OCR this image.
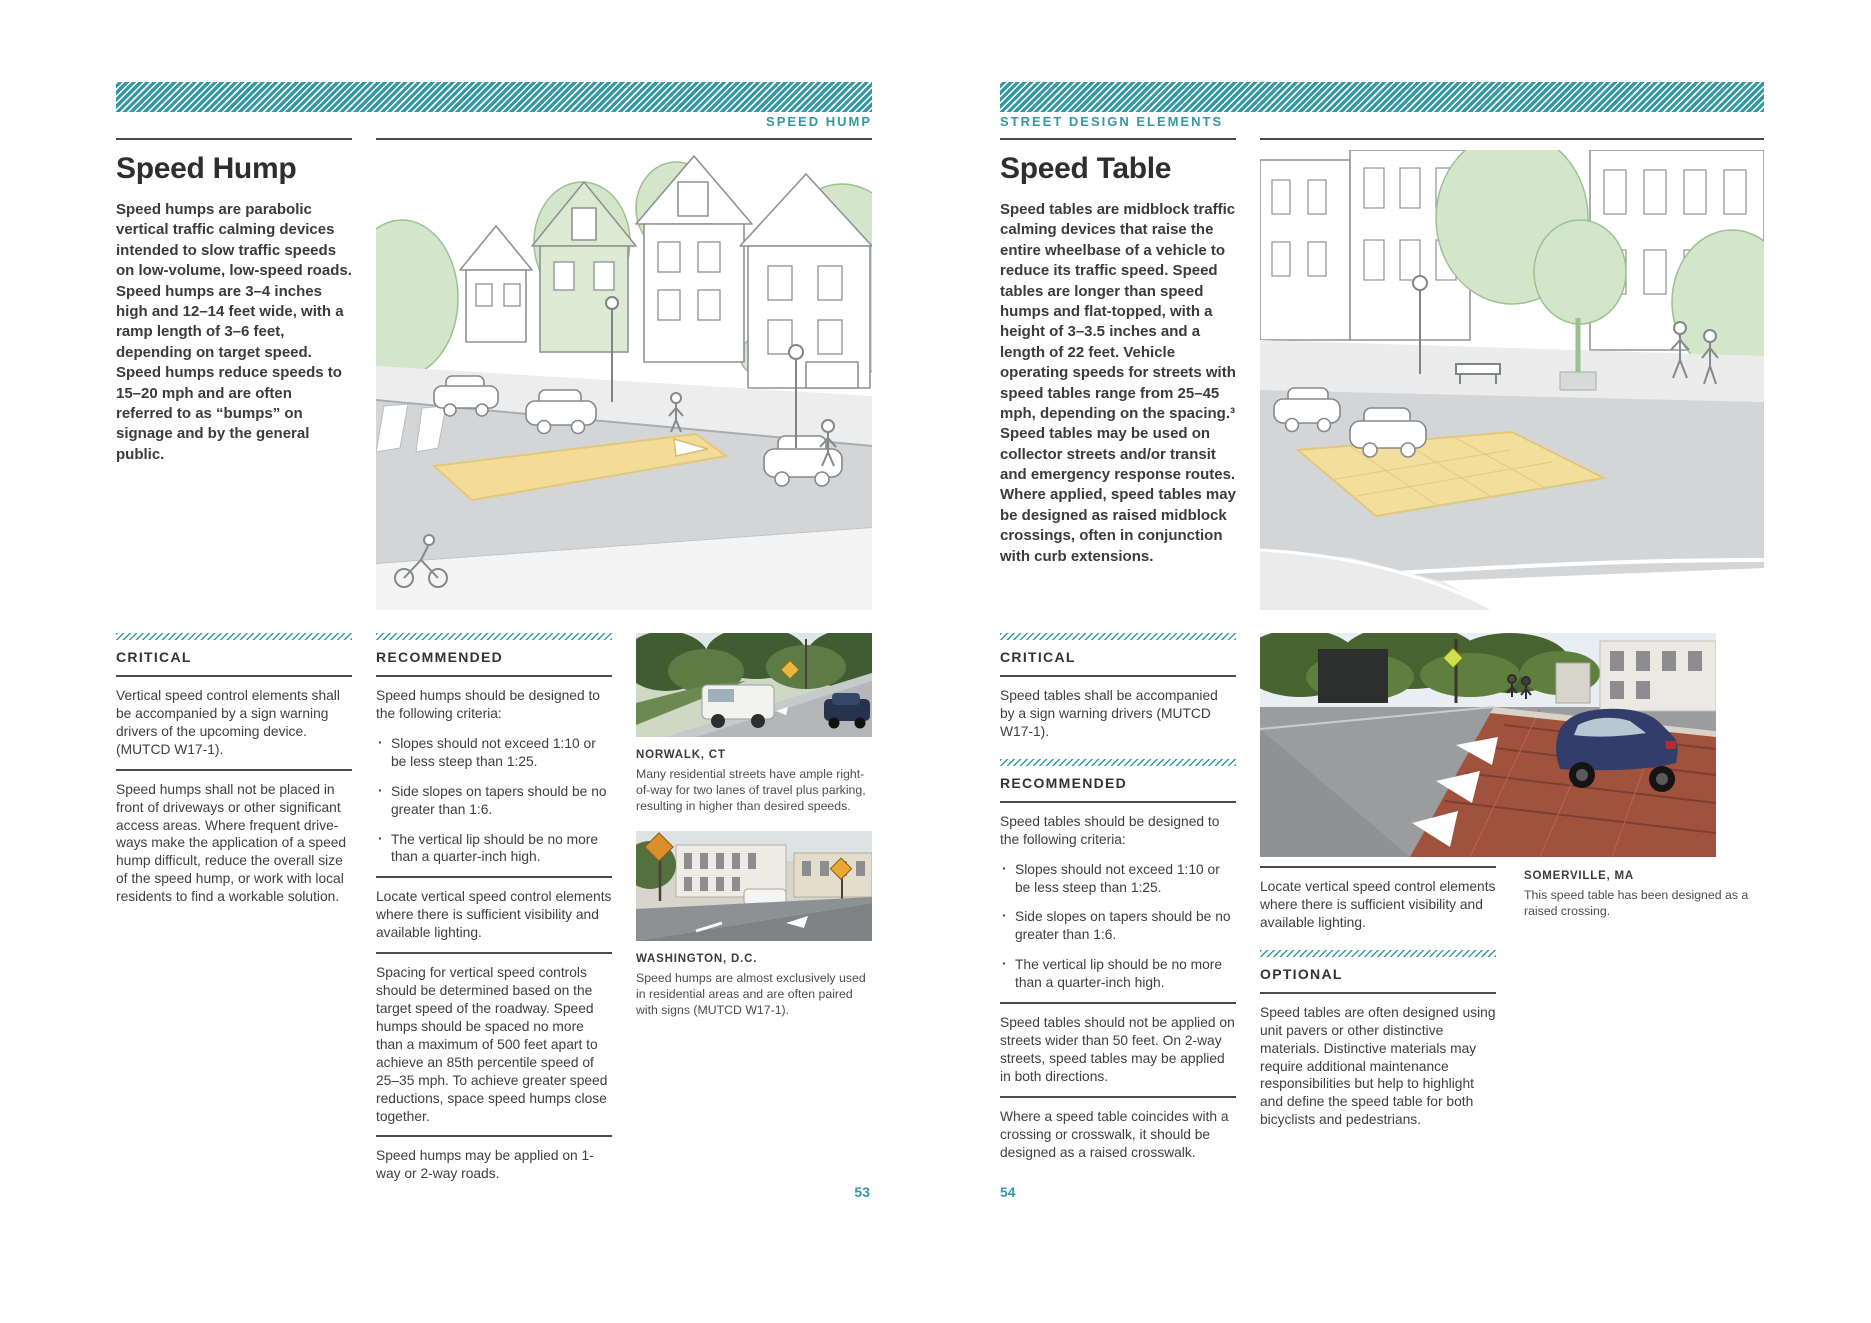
SPEED HUMP
Speed Hump

Speed humps are parabolic vertical traffic calming devices intended to slow traffic speeds on low-volume, low-speed roads. Speed humps are 3–4 inches high and 12–14 feet wide, with a ramp length of 3–6 feet, depending on target speed. Speed humps reduce speeds to 15–20 mph and are often referred to as “bumps” on signage and by the general public.

CRITICAL

Vertical speed control elements shall be accompanied by a sign warning drivers of the upcoming device. (MUTCD W17-1).

Speed humps shall not be placed in front of driveways or other significant access areas. Where frequent drive-ways make the application of a speed hump difficult, reduce the overall size of the speed hump, or work with local residents to find a workable solution.

RECOMMENDED

Speed humps should be designed to the following criteria:

· Slopes should not exceed 1:10 or be less steep than 1:25.

· Side slopes on tapers should be no greater than 1:6.

· The vertical lip should be no more than a quarter-inch high.

Locate vertical speed control elements where there is sufficient visibility and available lighting.

Spacing for vertical speed controls should be determined based on the target speed of the roadway. Speed humps should be spaced no more than a maximum of 500 feet apart to achieve an 85th percentile speed of 25–35 mph. To achieve greater speed reductions, space speed humps close together.

Speed humps may be applied on 1-way or 2-way roads.

NORWALK, CT
Many residential streets have ample right-of-way for two lanes of travel plus parking, resulting in higher than desired speeds.
WASHINGTON, D.C.
Speed humps are almost exclusively used in residential areas and are often paired with signs (MUTCD W17-1).
53
STREET DESIGN ELEMENTS
Speed Table

Speed tables are midblock traffic calming devices that raise the entire wheelbase of a vehicle to reduce its traffic speed. Speed tables are longer than speed humps and flat-topped, with a height of 3–3.5 inches and a length of 22 feet. Vehicle operating speeds for streets with speed tables range from 25–45 mph, depending on the spacing.³ Speed tables may be used on collector streets and/or transit and emergency response routes. Where applied, speed tables may be designed as raised midblock crossings, often in conjunction with curb extensions.

CRITICAL

Speed tables shall be accompanied by a sign warning drivers (MUTCD W17-1).

RECOMMENDED

Speed tables should be designed to the following criteria:

· Slopes should not exceed 1:10 or be less steep than 1:25.

· Side slopes on tapers should be no greater than 1:6.

· The vertical lip should be no more than a quarter-inch high.

Speed tables should not be applied on streets wider than 50 feet. On 2-way streets, speed tables may be applied in both directions.

Where a speed table coincides with a crossing or crosswalk, it should be designed as a raised crosswalk.

Locate vertical speed control elements where there is sufficient visibility and available lighting.

OPTIONAL

Speed tables are often designed using unit pavers or other distinctive materials. Distinctive materials may require additional maintenance responsibilities but help to highlight and define the speed table for both bicyclists and pedestrians.

SOMERVILLE, MA
This speed table has been designed as a raised crossing.
54
